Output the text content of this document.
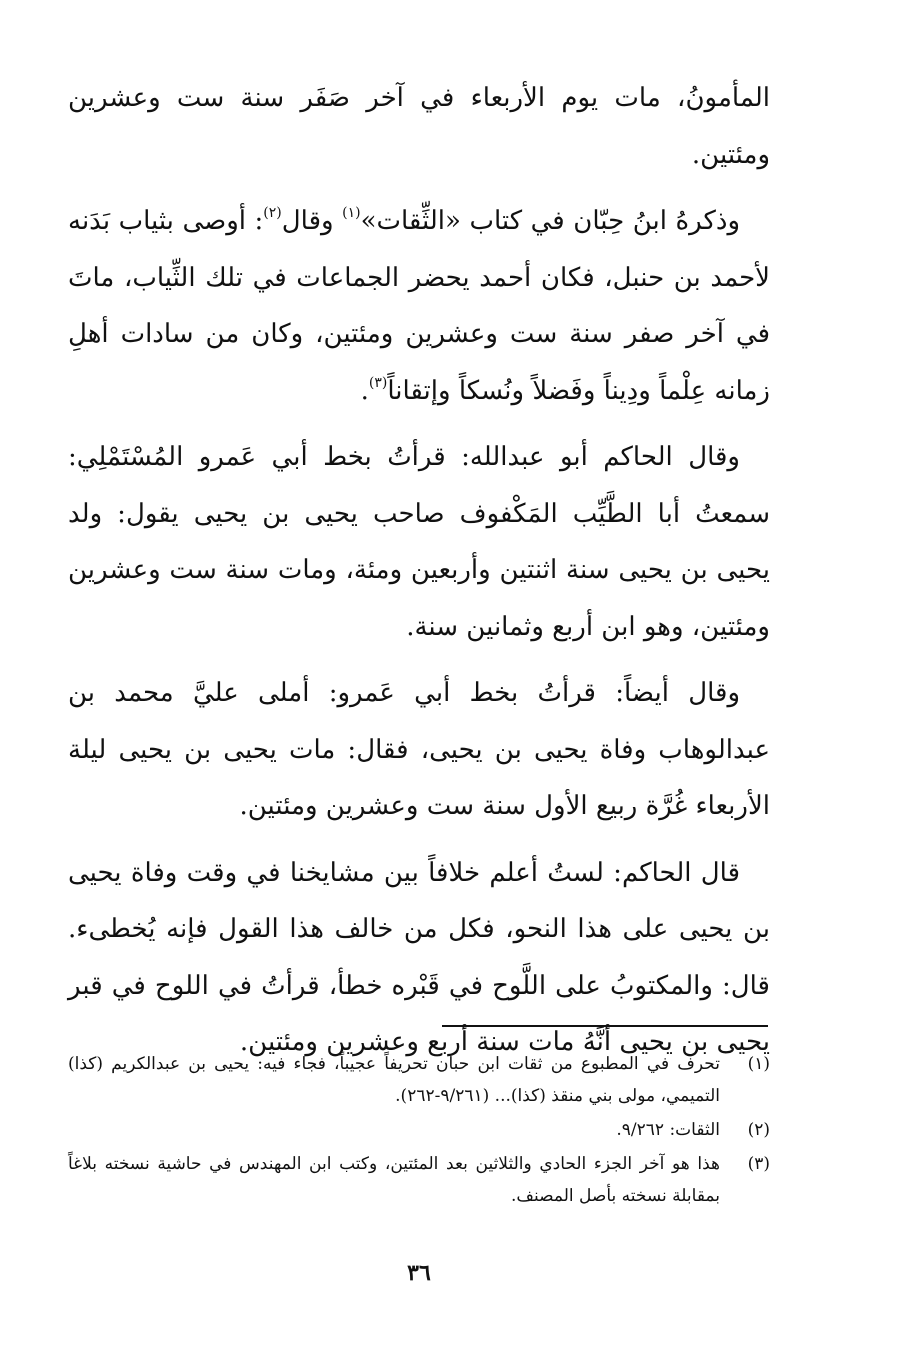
المأمونُ، مات يوم الأربعاء في آخر صَفَر سنة ست وعشرين ومئتين.

وذكرهُ ابنُ حِبّان في كتاب «الثِّقات»$^{(١)}$ وقال$^{(٢)}$: أوصى بثياب بَدَنه لأحمد بن حنبل، فكان أحمد يحضر الجماعات في تلك الثِّياب، ماتَ في آخر صفر سنة ست وعشرين ومئتين، وكان من سادات أهلِ زمانه عِلْماً ودِيناً وفَضلاً ونُسكاً وإتقاناً$^{(٣)}$.

وقال الحاكم أبو عبدالله: قرأتُ بخط أبي عَمرو المُسْتَمْلِي: سمعتُ أبا الطَّيِّب المَكْفوف صاحب يحيى بن يحيى يقول: ولد يحيى بن يحيى سنة اثنتين وأربعين ومئة، ومات سنة ست وعشرين ومئتين، وهو ابن أربع وثمانين سنة.

وقال أيضاً: قرأتُ بخط أبي عَمرو: أملى عليَّ محمد بن عبدالوهاب وفاة يحيى بن يحيى، فقال: مات يحيى بن يحيى ليلة الأربعاء غُرَّة ربيع الأول سنة ست وعشرين ومئتين.

قال الحاكم: لستُ أعلم خلافاً بين مشايخنا في وقت وفاة يحيى بن يحيى على هذا النحو، فكل من خالف هذا القول فإنه يُخطىء. قال: والمكتوبُ على اللَّوح في قَبْره خطأ، قرأتُ في اللوح في قبر يحيى بن يحيى أنَّهُ مات سنة أربع وعشرين ومئتين.

(١)
تحرف في المطبوع من ثقات ابن حبان تحريفاً عجيباً، فجاء فيه: يحيى بن عبدالكريم (كذا) التميمي، مولى بني منقذ (كذا)... (٩/٢٦١-٢٦٢).
(٢)
الثقات: ٩/٢٦٢.
(٣)
هذا هو آخر الجزء الحادي والثلاثين بعد المئتين، وكتب ابن المهندس في حاشية نسخته بلاغاً بمقابلة نسخته بأصل المصنف.
٣٦
